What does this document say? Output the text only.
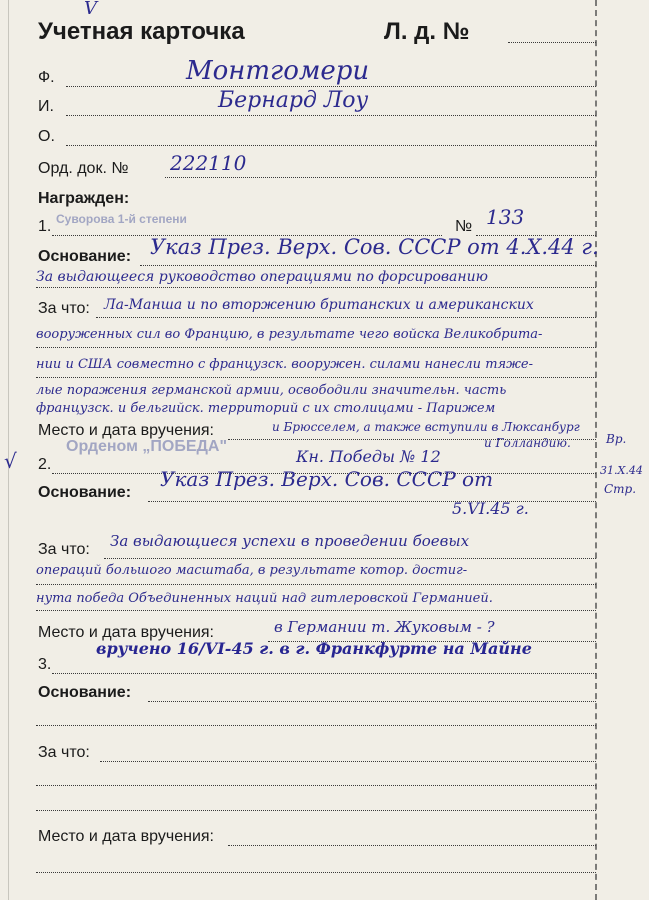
V
Учетная карточка	Л. д. №
Ф.	Монтгомери
И.	Бернард Лоу
О.
Орд. док. № 222110
Награжден:
1. Суворова 1-й степени	№ 133
Основание: Указ През. Верх. Сов. СССР от 4.Х.44 г.
За выдающееся руководство операциями по форсированию
За что: Ла-Манша и по вторжению британских и американских
вооруженных сил во Францию, в результате чего войска Великобрита-
нии и США совместно с французск. вооружен. силами нанесли тяже-
лые поражения германской армии, освободили значительн. часть
французск. и бельгийск. территорий с их столицами - Парижем
Место и дата вручения:	и Брюсселем, а также вступили в Люксанбург
и Голландию.	Вр.
31.Х.44
Стр.
√ 2.
Орденом „ПОБЕДА"
Кн. Победы № 12
Основание:
Указ През. Верх. Сов. СССР от
5.VI.45 г.
За что: За выдающиеся успехи в проведении боевых
операций большого масштаба, в результате котор. достиг-
нута победа Объединенных наций над гитлеровской Германией.
Место и дата вручения:	в Германии т. Жуковым - ?
вручено 16/VI-45 г. в г. Франкфурте на Майне
3.
Основание:
За что:
Место и дата вручения:
